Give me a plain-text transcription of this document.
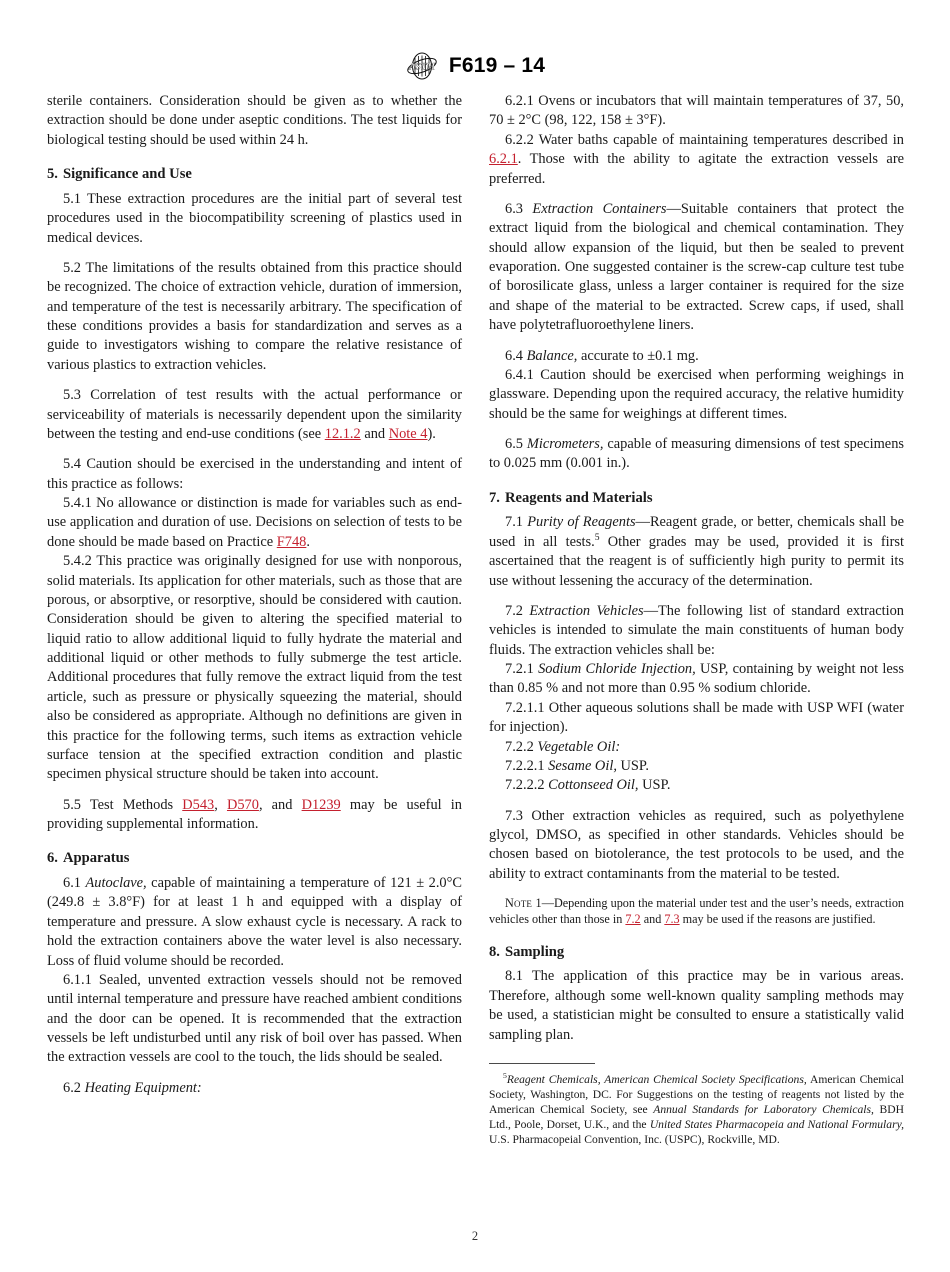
ASTM F619 – 14

sterile containers. Consideration should be given as to whether the extraction should be done under aseptic conditions. The test liquids for biological testing should be used within 24 h.

5. Significance and Use

5.1 These extraction procedures are the initial part of several test procedures used in the biocompatibility screening of plastics used in medical devices.

5.2 The limitations of the results obtained from this practice should be recognized. The choice of extraction vehicle, duration of immersion, and temperature of the test is necessarily arbitrary. The specification of these conditions provides a basis for standardization and serves as a guide to investigators wishing to compare the relative resistance of various plastics to extraction vehicles.

5.3 Correlation of test results with the actual performance or serviceability of materials is necessarily dependent upon the similarity between the testing and end-use conditions (see 12.1.2 and Note 4).

5.4 Caution should be exercised in the understanding and intent of this practice as follows:

5.4.1 No allowance or distinction is made for variables such as end-use application and duration of use. Decisions on selection of tests to be done should be made based on Practice F748.

5.4.2 This practice was originally designed for use with nonporous, solid materials. Its application for other materials, such as those that are porous, or absorptive, or resorptive, should be considered with caution. Consideration should be given to altering the specified material to liquid ratio to allow additional liquid to fully hydrate the material and additional liquid or other methods to fully submerge the test article. Additional procedures that fully remove the extract liquid from the test article, such as pressure or physically squeezing the material, should also be considered as appropriate. Although no definitions are given in this practice for the following terms, such items as extraction vehicle surface tension at the specified extraction condition and plastic specimen physical structure should be taken into account.

5.5 Test Methods D543, D570, and D1239 may be useful in providing supplemental information.

6. Apparatus

6.1 Autoclave, capable of maintaining a temperature of 121 ± 2.0°C (249.8 ± 3.8°F) for at least 1 h and equipped with a display of temperature and pressure. A slow exhaust cycle is necessary. A rack to hold the extraction containers above the water level is also necessary. Loss of fluid volume should be recorded.

6.1.1 Sealed, unvented extraction vessels should not be removed until internal temperature and pressure have reached ambient conditions and the door can be opened. It is recommended that the extraction vessels be left undisturbed until any risk of boil over has passed. When the extraction vessels are cool to the touch, the lids should be sealed.

6.2 Heating Equipment:

6.2.1 Ovens or incubators that will maintain temperatures of 37, 50, 70 ± 2°C (98, 122, 158 ± 3°F).

6.2.2 Water baths capable of maintaining temperatures described in 6.2.1. Those with the ability to agitate the extraction vessels are preferred.

6.3 Extraction Containers—Suitable containers that protect the extract liquid from the biological and chemical contamination. They should allow expansion of the liquid, but then be sealed to prevent evaporation. One suggested container is the screw-cap culture test tube of borosilicate glass, unless a larger container is required for the size and shape of the material to be extracted. Screw caps, if used, shall have polytetrafluoroethylene liners.

6.4 Balance, accurate to ±0.1 mg.

6.4.1 Caution should be exercised when performing weighings in glassware. Depending upon the required accuracy, the relative humidity should be the same for weighings at different times.

6.5 Micrometers, capable of measuring dimensions of test specimens to 0.025 mm (0.001 in.).

7. Reagents and Materials

7.1 Purity of Reagents—Reagent grade, or better, chemicals shall be used in all tests.$^5$ Other grades may be used, provided it is first ascertained that the reagent is of sufficiently high purity to permit its use without lessening the accuracy of the determination.

7.2 Extraction Vehicles—The following list of standard extraction vehicles is intended to simulate the main constituents of human body fluids. The extraction vehicles shall be:

7.2.1 Sodium Chloride Injection, USP, containing by weight not less than 0.85 % and not more than 0.95 % sodium chloride.

7.2.1.1 Other aqueous solutions shall be made with USP WFI (water for injection).

7.2.2 Vegetable Oil:

7.2.2.1 Sesame Oil, USP.

7.2.2.2 Cottonseed Oil, USP.

7.3 Other extraction vehicles as required, such as polyethylene glycol, DMSO, as specified in other standards. Vehicles should be chosen based on biotolerance, the test protocols to be used, and the ability to extract contaminants from the material to be tested.

Note 1—Depending upon the material under test and the user’s needs, extraction vehicles other than those in 7.2 and 7.3 may be used if the reasons are justified.

8. Sampling

8.1 The application of this practice may be in various areas. Therefore, although some well-known quality sampling methods may be used, a statistician might be consulted to ensure a statistically valid sampling plan.

$^5$Reagent Chemicals, American Chemical Society Specifications, American Chemical Society, Washington, DC. For Suggestions on the testing of reagents not listed by the American Chemical Society, see Annual Standards for Laboratory Chemicals, BDH Ltd., Poole, Dorset, U.K., and the United States Pharmacopeia and National Formulary, U.S. Pharmacopeial Convention, Inc. (USPC), Rockville, MD.

2
